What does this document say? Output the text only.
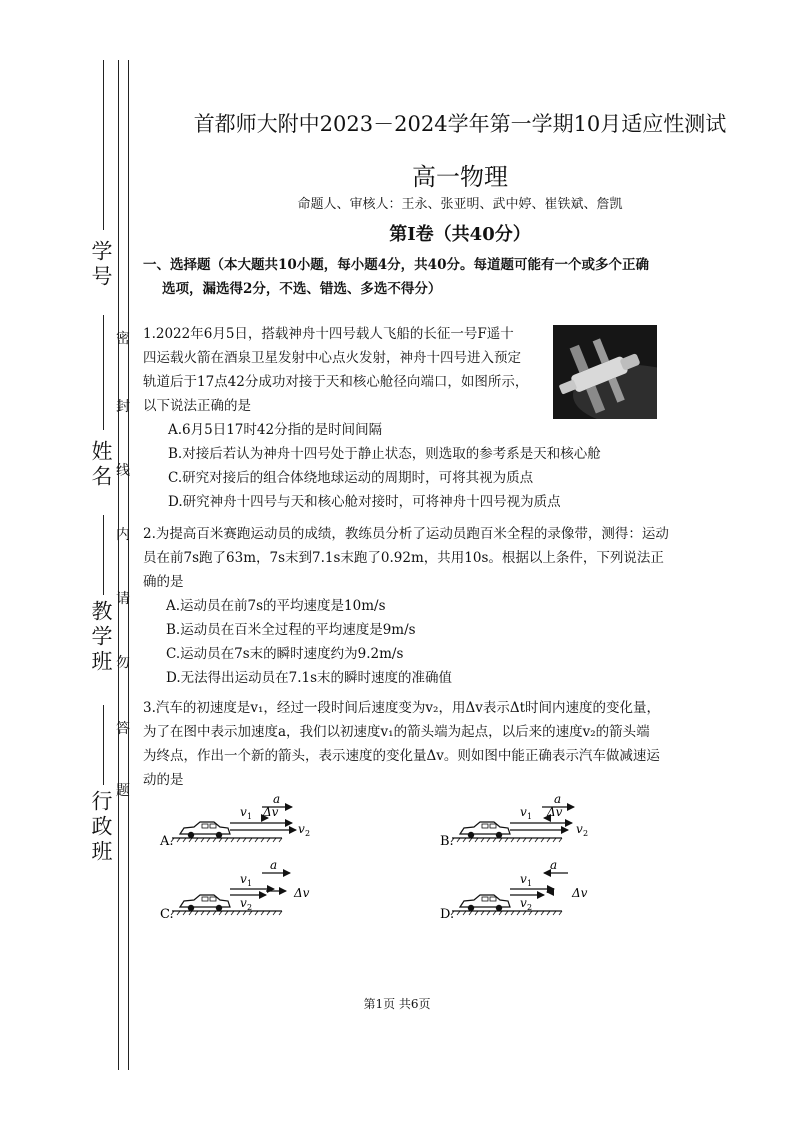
学号
姓名
教学班
行政班
密
封
线
内
请
勿
答
题
首都师大附中2023－2024学年第一学期10月适应性测试
高一物理
命题人、审核人：王永、张亚明、武中婷、崔铁斌、詹凯
第I卷（共40分）
一、选择题（本大题共10小题，每小题4分，共40分。每道题可能有一个或多个正确
选项，漏选得2分，不选、错选、多选不得分）
1.2022年6月5日，搭载神舟十四号载人飞船的长征一号F遥十
四运载火箭在酒泉卫星发射中心点火发射，神舟十四号进入预定
轨道后于17点42分成功对接于天和核心舱径向端口，如图所示，
以下说法正确的是
A.6月5日17时42分指的是时间间隔
B.对接后若认为神舟十四号处于静止状态，则选取的参考系是天和核心舱
C.研究对接后的组合体绕地球运动的周期时，可将其视为质点
D.研究神舟十四号与天和核心舱对接时，可将神舟十四号视为质点
2.为提高百米赛跑运动员的成绩，教练员分析了运动员跑百米全程的录像带，测得：运动
员在前7s跑了63m，7s末到7.1s末跑了0.92m，共用10s。根据以上条件，下列说法正
确的是
A.运动员在前7s的平均速度是10m/s
B.运动员在百米全过程的平均速度是9m/s
C.运动员在7s末的瞬时速度约为9.2m/s
D.无法得出运动员在7.1s末的瞬时速度的准确值
3.汽车的初速度是v₁，经过一段时间后速度变为v₂，用Δv表示Δt时间内速度的变化量，
为了在图中表示加速度a，我们以初速度v₁的箭头端为起点，以后来的速度v₂的箭头端
为终点，作出一个新的箭头，表示速度的变化量Δv。则如图中能正确表示汽车做减速运
动的是
a
v 1 Δv
v 2
A.
a
v 1 Δv
v 2
B.
a
v 1
v 2
Δv
C.
a
v 1
v 2
Δv
D.
第1页 共6页
